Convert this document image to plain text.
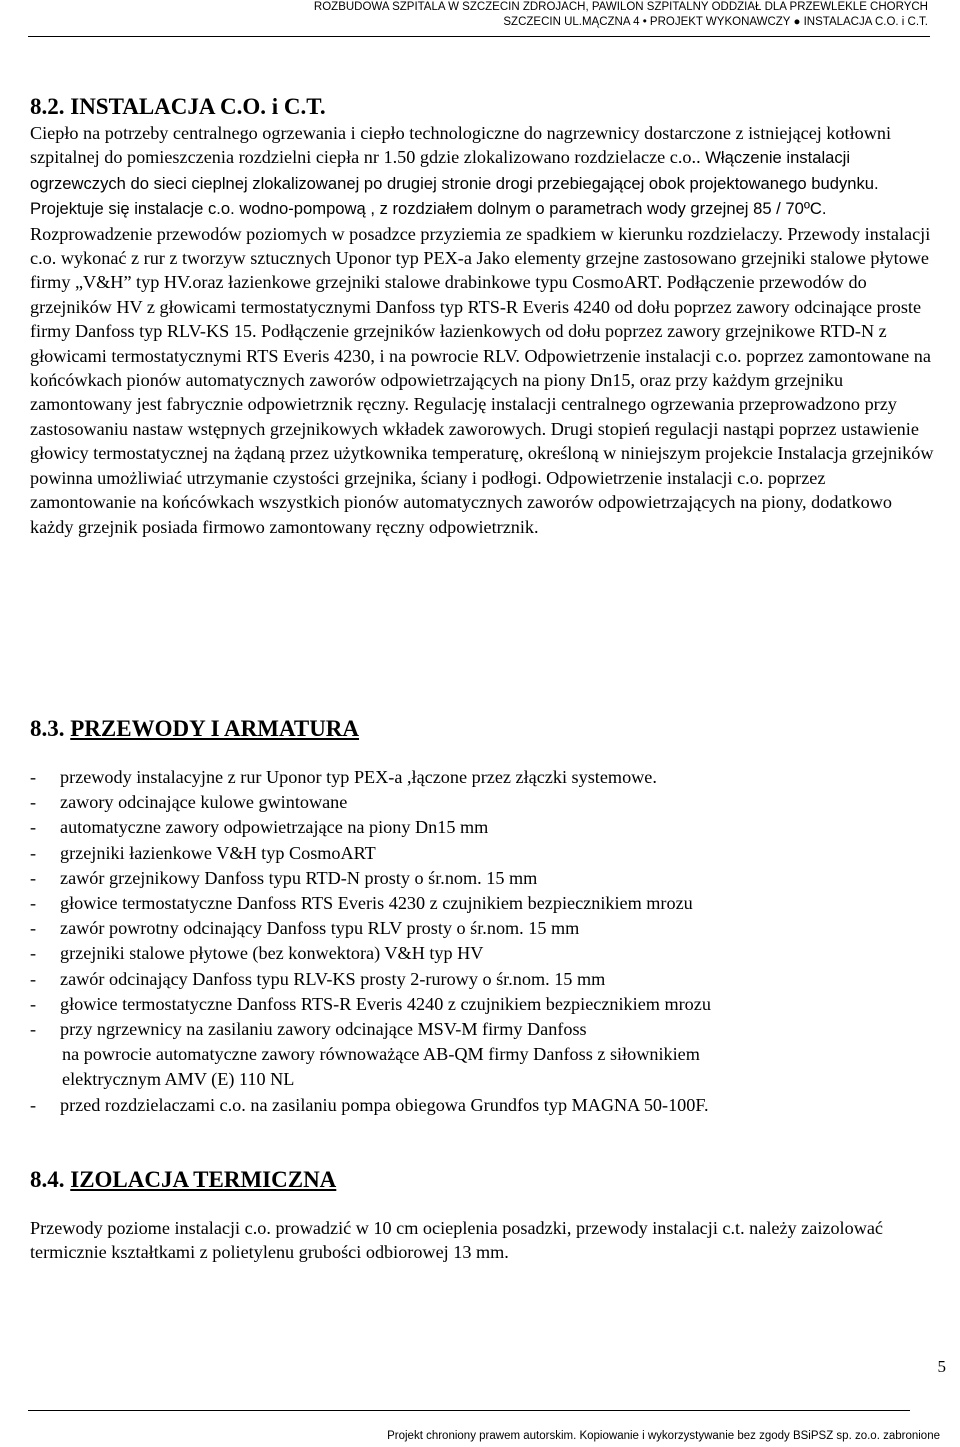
ROZBUDOWA SZPITALA W SZCZECIN ZDROJACH, PAWILON SZPITALNY ODDZIAŁ DLA PRZEWLEKLE CHORYCH
SZCZECIN UL.MĄCZNA 4 • PROJEKT WYKONAWCZY ● INSTALACJA C.O. i C.T.
8.2. INSTALACJA C.O. i C.T.

Ciepło na potrzeby centralnego ogrzewania i ciepło technologiczne do nagrzewnicy dostarczone z istniejącej kotłowni szpitalnej do pomieszczenia rozdzielni ciepła nr 1.50 gdzie zlokalizowano rozdzielacze c.o.. Włączenie instalacji ogrzewczych do sieci cieplnej zlokalizowanej po drugiej stronie drogi przebiegającej obok projektowanego budynku. Projektuje się instalacje c.o. wodno-pompową , z rozdziałem dolnym o parametrach wody grzejnej 85 / 70ºC. Rozprowadzenie przewodów poziomych w posadzce przyziemia ze spadkiem w kierunku rozdzielaczy. Przewody instalacji c.o. wykonać z rur z tworzyw sztucznych Uponor typ PEX-a Jako elementy grzejne zastosowano grzejniki stalowe płytowe firmy „V&H” typ HV.oraz łazienkowe grzejniki stalowe drabinkowe typu CosmoART. Podłączenie przewodów do grzejników HV z głowicami termostatycznymi Danfoss typ RTS-R Everis 4240 od dołu poprzez zawory odcinające proste firmy Danfoss typ RLV-KS 15. Podłączenie grzejników łazienkowych od dołu poprzez zawory grzejnikowe RTD-N z głowicami termostatycznymi RTS Everis 4230, i na powrocie RLV. Odpowietrzenie instalacji c.o. poprzez zamontowane na końcówkach pionów automatycznych zaworów odpowietrzających na piony Dn15, oraz przy każdym grzejniku zamontowany jest fabrycznie odpowietrznik ręczny. Regulację instalacji centralnego ogrzewania przeprowadzono przy zastosowaniu nastaw wstępnych grzejnikowych wkładek zaworowych. Drugi stopień regulacji nastąpi poprzez ustawienie głowicy termostatycznej na żądaną przez użytkownika temperaturę, określoną w niniejszym projekcie Instalacja grzejników powinna umożliwiać utrzymanie czystości grzejnika, ściany i podłogi. Odpowietrzenie instalacji c.o. poprzez zamontowanie na końcówkach wszystkich pionów automatycznych zaworów odpowietrzających na piony, dodatkowo każdy grzejnik posiada firmowo zamontowany ręczny odpowietrznik.

8.3. PRZEWODY I ARMATURA
-	przewody instalacyjne z rur Uponor typ PEX-a ,łączone przez złączki systemowe.
-	zawory odcinające kulowe gwintowane
-	automatyczne zawory odpowietrzające na piony Dn15 mm
-	grzejniki łazienkowe V&H typ CosmoART
-	zawór grzejnikowy Danfoss typu RTD-N prosty o śr.nom. 15 mm
-	głowice termostatyczne Danfoss RTS Everis 4230 z czujnikiem bezpiecznikiem mrozu
-	zawór powrotny odcinający Danfoss typu RLV prosty o śr.nom. 15 mm
-	grzejniki stalowe płytowe (bez konwektora) V&H typ HV
-	zawór odcinający Danfoss typu RLV-KS prosty 2-rurowy o śr.nom. 15 mm
-	głowice termostatyczne Danfoss RTS-R Everis 4240 z czujnikiem bezpiecznikiem mrozu
-	przy ngrzewnicy na zasilaniu zawory odcinające MSV-M firmy Danfoss
na powrocie automatyczne zawory równoważące AB-QM firmy Danfoss z siłownikiem
elektrycznym AMV (E) 110 NL
-	przed rozdzielaczami c.o. na zasilaniu pompa obiegowa Grundfos typ MAGNA 50-100F.
8.4. IZOLACJA TERMICZNA

Przewody poziome instalacji c.o. prowadzić w 10 cm ocieplenia posadzki, przewody instalacji c.t. należy zaizolować termicznie kształtkami z polietylenu grubości odbiorowej 13 mm.

5
Projekt chroniony prawem autorskim. Kopiowanie i wykorzystywanie bez zgody BSiPSZ sp. zo.o. zabronione
